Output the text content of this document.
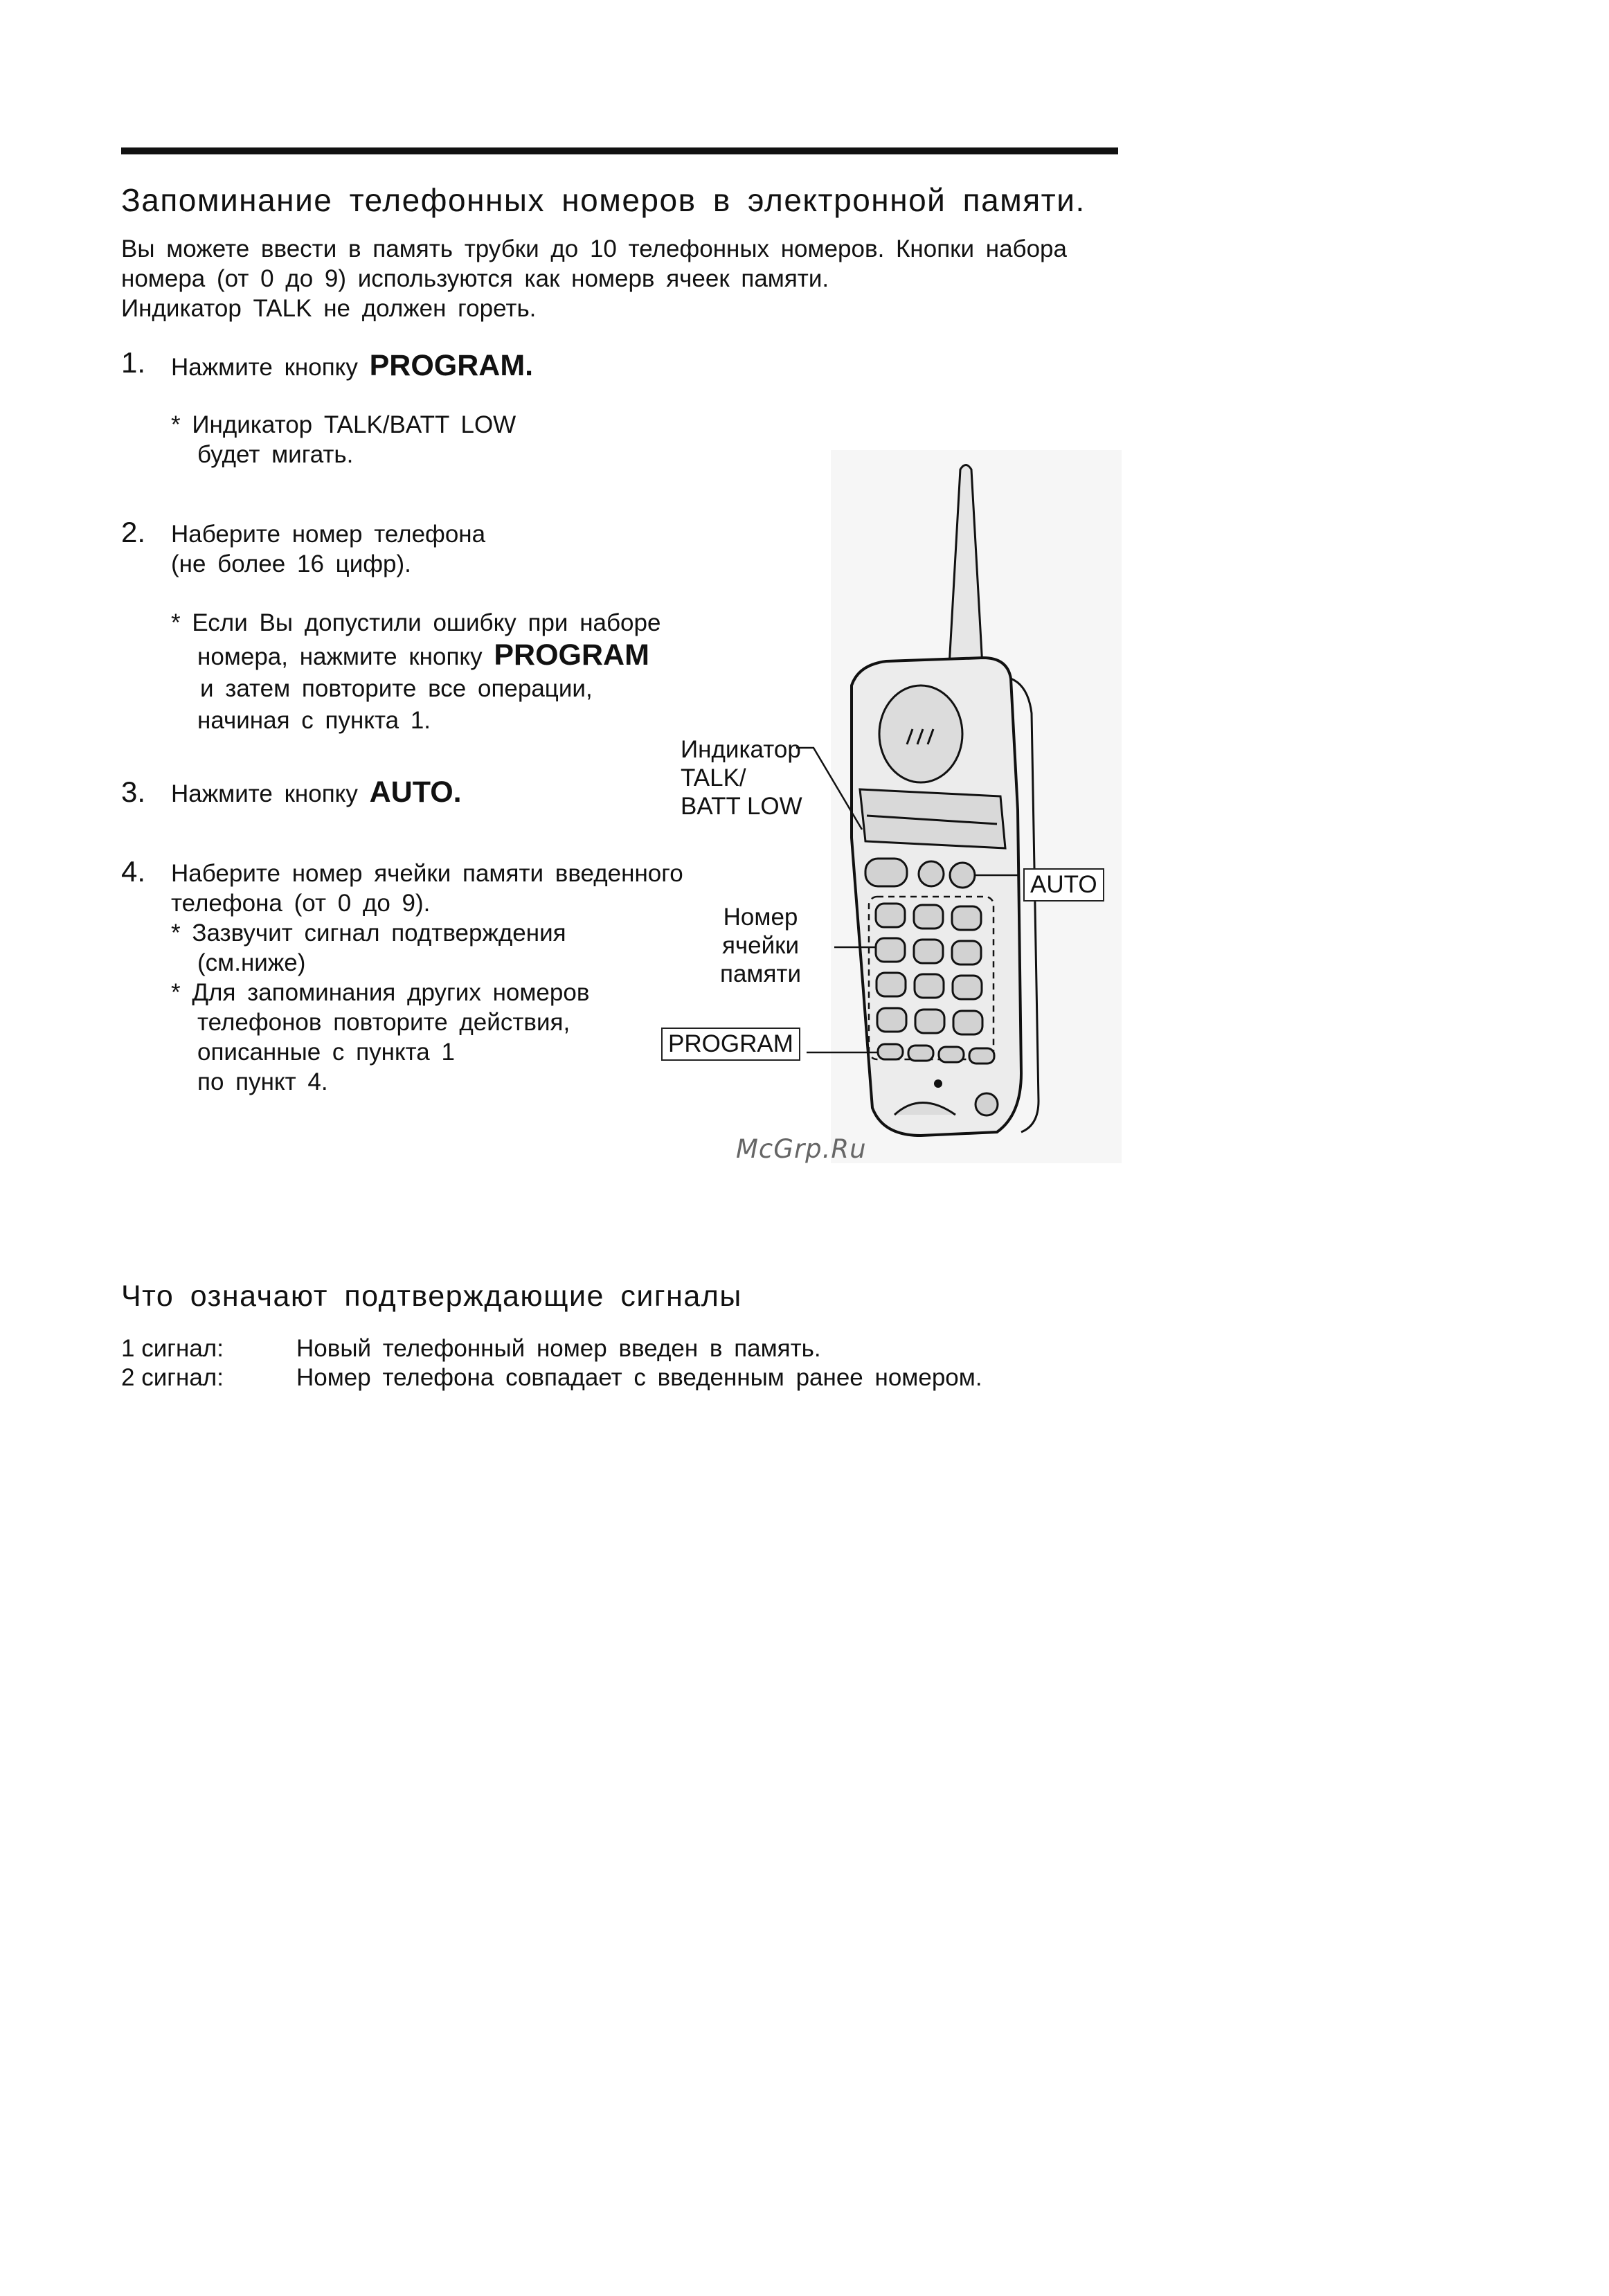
Запоминание телефонных номеров в электронной памяти.
Вы можете ввести в память трубки до 10 телефонных номеров. Кнопки набора
номера (от 0 до 9) используются как номерв ячеек памяти.
Индикатор TALK не должен гореть.
1. Нажмите кнопку PROGRAM.
* Индикатор TALK/BATT LOW
будет мигать.
2. Наберите номер телефона
(не более 16 цифр).
* Если Вы допустили ошибку при наборе
номера, нажмите кнопку PROGRAM
и затем повторите все операции,
начиная с пункта 1.
3. Нажмите кнопку AUTO.
4. Наберите номер ячейки памяти введенного
телефона (от 0 до 9).
* Зазвучит сигнал подтверждения
(см.ниже)
* Для запоминания других номеров
телефонов повторите действия,
описанные с пункта 1
по пункт 4.
Индикатор
TALK/
BATT LOW
AUTO
Номер
ячейки
памяти
PROGRAM
McGrp.Ru
Что означают подтверждающие сигналы
1 сигнал:	Новый телефонный номер введен в память.
2 сигнал:	Номер телефона совпадает с введенным ранее номером.
